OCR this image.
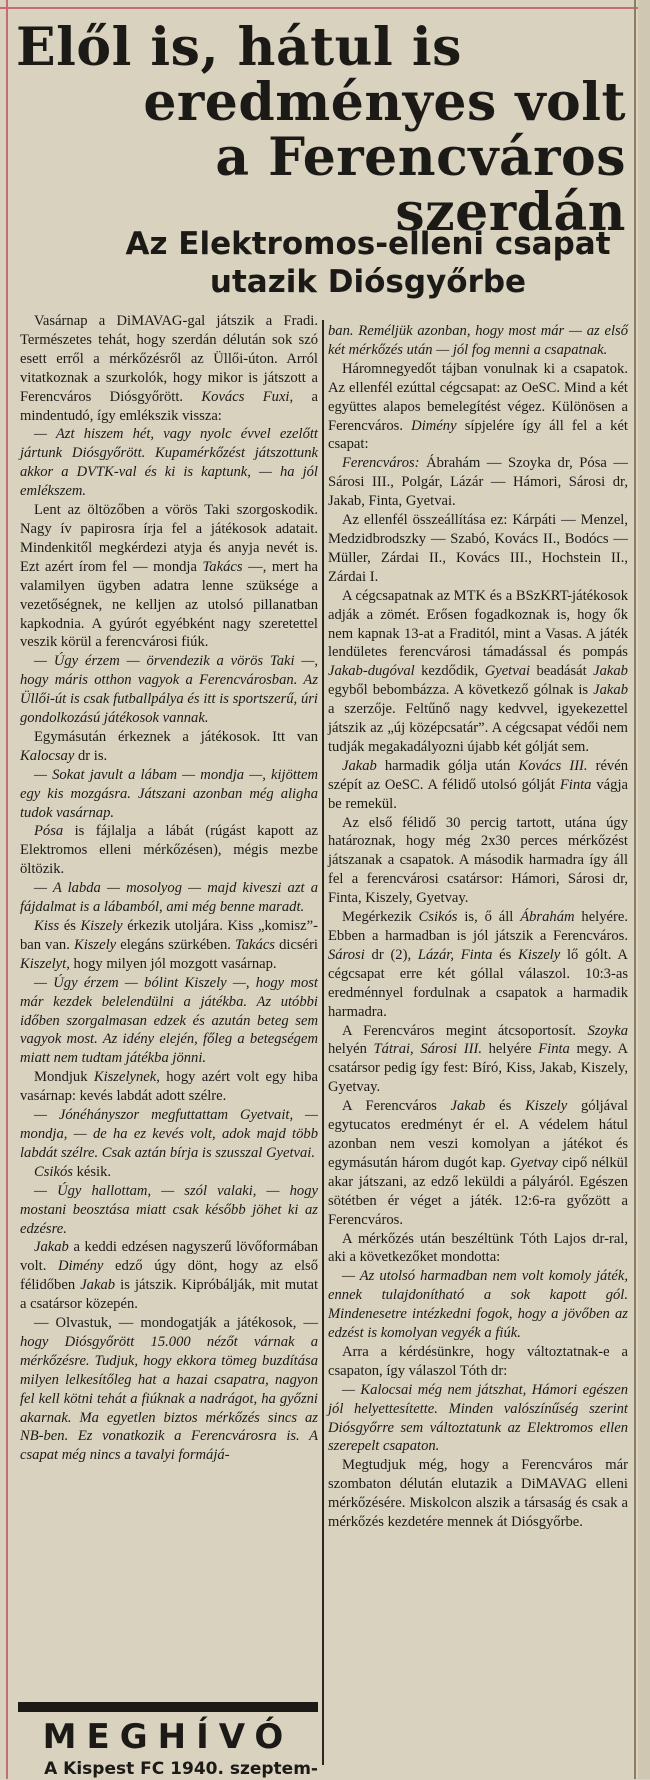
Elől is, hátul is
eredményes volt
a Ferencváros
szerdán
Az Elektromos-elleni csapat
utazik Diósgyőrbe

Vasárnap a DiMAVAG-gal játszik a Fradi. Természetes tehát, hogy szerdán délután sok szó esett erről a mérkőzésről az Üllői-úton. Arról vitatkoznak a szurkolók, hogy mikor is játszott a Ferencváros Diósgyőrött. Kovács Fuxi, a mindentudó, így emlékszik vissza:

— Azt hiszem hét, vagy nyolc évvel ezelőtt jártunk Diósgyőrött. Kupamérkőzést játszottunk akkor a DVTK-val és ki is kaptunk, — ha jól emlékszem.

Lent az öltözőben a vörös Taki szorgoskodik. Nagy ív papirosra írja fel a játékosok adatait. Mindenkitől megkérdezi atyja és anyja nevét is. Ezt azért írom fel — mondja Takács —, mert ha valamilyen ügyben adatra lenne szüksége a vezetőségnek, ne kelljen az utolsó pillanatban kapkodnia. A gyúrót egyébként nagy szeretettel veszik körül a ferencvárosi fiúk.

— Úgy érzem — örvendezik a vörös Taki —, hogy máris otthon vagyok a Ferencvárosban. Az Üllői-út is csak futballpálya és itt is sportszerű, úri gondolkozású játékosok vannak.

Egymásután érkeznek a játékosok. Itt van Kalocsay dr is.

— Sokat javult a lábam — mondja —, kijöttem egy kis mozgásra. Játszani azonban még aligha tudok vasárnap.

Pósa is fájlalja a lábát (rúgást kapott az Elektromos elleni mérkőzésen), mégis mezbe öltözik.

— A labda — mosolyog — majd kiveszi azt a fájdalmat is a lábamból, ami még benne maradt.

Kiss és Kiszely érkezik utoljára. Kiss „komisz”-ban van. Kiszely elegáns szürkében. Takács dicséri Kiszelyt, hogy milyen jól mozgott vasárnap.

— Úgy érzem — bólint Kiszely —, hogy most már kezdek belelendülni a játékba. Az utóbbi időben szorgalmasan edzek és azután beteg sem vagyok most. Az idény elején, főleg a betegségem miatt nem tudtam játékba jönni.

Mondjuk Kiszelynek, hogy azért volt egy hiba vasárnap: kevés labdát adott szélre.

— Jónéhányszor megfuttattam Gyetvait, — mondja, — de ha ez kevés volt, adok majd több labdát szélre. Csak aztán bírja is szusszal Gyetvai.

Csikós késik.

— Úgy hallottam, — szól valaki, — hogy mostani beosztása miatt csak később jöhet ki az edzésre.

Jakab a keddi edzésen nagyszerű lövőformában volt. Dimény edző úgy dönt, hogy az első félidőben Jakab is játszik. Kipróbálják, mit mutat a csatársor közepén.

— Olvastuk, — mondogatják a játékosok, — hogy Diósgyőrött 15.000 nézőt várnak a mérkőzésre. Tudjuk, hogy ekkora tömeg buzdítása milyen lelkesítőleg hat a hazai csapatra, nagyon fel kell kötni tehát a fiúknak a nadrágot, ha győzni akarnak. Ma egyetlen biztos mérkőzés sincs az NB-ben. Ez vonatkozik a Ferencvárosra is. A csapat még nincs a tavalyi formájá-

ban. Reméljük azonban, hogy most már — az első két mérkőzés után — jól fog menni a csapatnak.

Háromnegyedőt tájban vonulnak ki a csapatok. Az ellenfél ezúttal cégcsapat: az OeSC. Mind a két együttes alapos bemelegítést végez. Különösen a Ferencváros. Dimény sípjelére így áll fel a két csapat:

Ferencváros: Ábrahám — Szoyka dr, Pósa — Sárosi III., Polgár, Lázár — Hámori, Sárosi dr, Jakab, Finta, Gyetvai.

Az ellenfél összeállítása ez: Kárpáti — Menzel, Medzidbrodszky — Szabó, Kovács II., Bodócs — Müller, Zárdai II., Kovács III., Hochstein II., Zárdai I.

A cégcsapatnak az MTK és a BSzKRT-játékosok adják a zömét. Erősen fogadkoznak is, hogy ők nem kapnak 13-at a Fraditól, mint a Vasas. A játék lendületes ferencvárosi támadással és pompás Jakab-dugóval kezdődik, Gyetvai beadását Jakab egyből bebombázza. A következő gólnak is Jakab a szerzője. Feltűnő nagy kedvvel, igyekezettel játszik az „új középcsatár”. A cégcsapat védői nem tudják megakadályozni újabb két gólját sem.

Jakab harmadik gólja után Kovács III. révén szépít az OeSC. A félidő utolsó gólját Finta vágja be remekül.

Az első félidő 30 percig tartott, utána úgy határoznak, hogy még 2x30 perces mérkőzést játszanak a csapatok. A második harmadra így áll fel a ferencvárosi csatársor: Hámori, Sárosi dr, Finta, Kiszely, Gyetvay.

Megérkezik Csikós is, ő áll Ábrahám helyére. Ebben a harmadban is jól játszik a Ferencváros. Sárosi dr (2), Lázár, Finta és Kiszely lő gólt. A cégcsapat erre két góllal válaszol. 10:3-as eredménnyel fordulnak a csapatok a harmadik harmadra.

A Ferencváros megint átcsoportosít. Szoyka helyén Tátrai, Sárosi III. helyére Finta megy. A csatársor pedig így fest: Bíró, Kiss, Jakab, Kiszely, Gyetvay.

A Ferencváros Jakab és Kiszely góljával egytucatos eredményt ér el. A védelem hátul azonban nem veszi komolyan a játékot és egymásután három dugót kap. Gyetvay cipő nélkül akar játszani, az edző leküldi a pályáról. Egészen sötétben ér véget a játék. 12:6-ra győzött a Ferencváros.

A mérkőzés után beszéltünk Tóth Lajos dr-ral, aki a következőket mondotta:

— Az utolsó harmadban nem volt komoly játék, ennek tulajdonítható a sok kapott gól. Mindenesetre intézkedni fogok, hogy a jövőben az edzést is komolyan vegyék a fiúk.

Arra a kérdésünkre, hogy változtatnak-e a csapaton, így válaszol Tóth dr:

— Kalocsai még nem játszhat, Hámori egészen jól helyettesítette. Minden valószínűség szerint Diósgyőrre sem változtatunk az Elektromos ellen szerepelt csapaton.

Megtudjuk még, hogy a Ferencváros már szombaton délután elutazik a DiMAVAG elleni mérkőzésére. Miskolcon alszik a társaság és csak a mérkőzés kezdetére mennek át Diósgyőrbe.

MEGHÍVÓ
A Kispest FC 1940. szeptem-
